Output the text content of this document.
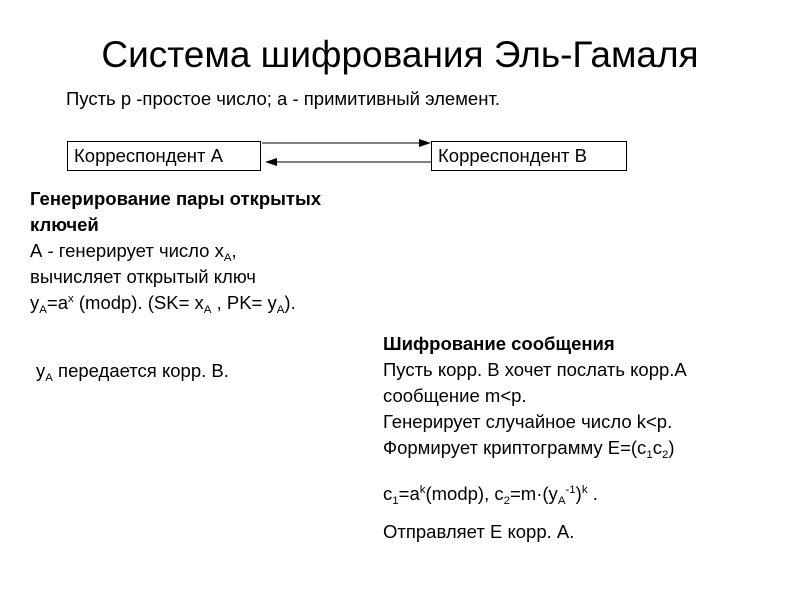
Система шифрования Эль-Гамаля
Пусть р -простое число; а - примитивный элемент.
Корреспондент А	Корреспондент В
Генерирование пары открытых
ключей
А - генерирует число $x_A$,
вычисляет открытый ключ
$y_A=a^x$ (modp). ($SK= x_A$ , $PK= y_A$).
$y_A$ передается корр. В.
Шифрование сообщения
Пусть корр. В хочет послать корр.А
сообщение m<p.
Генерирует случайное число k<p.
Формирует криптограмму $E=(c_1c_2)$
$c_1=a^k(modp)$, $c_2=m\cdot(y_A^{-1})^k$ .
Отправляет Е корр. А.
